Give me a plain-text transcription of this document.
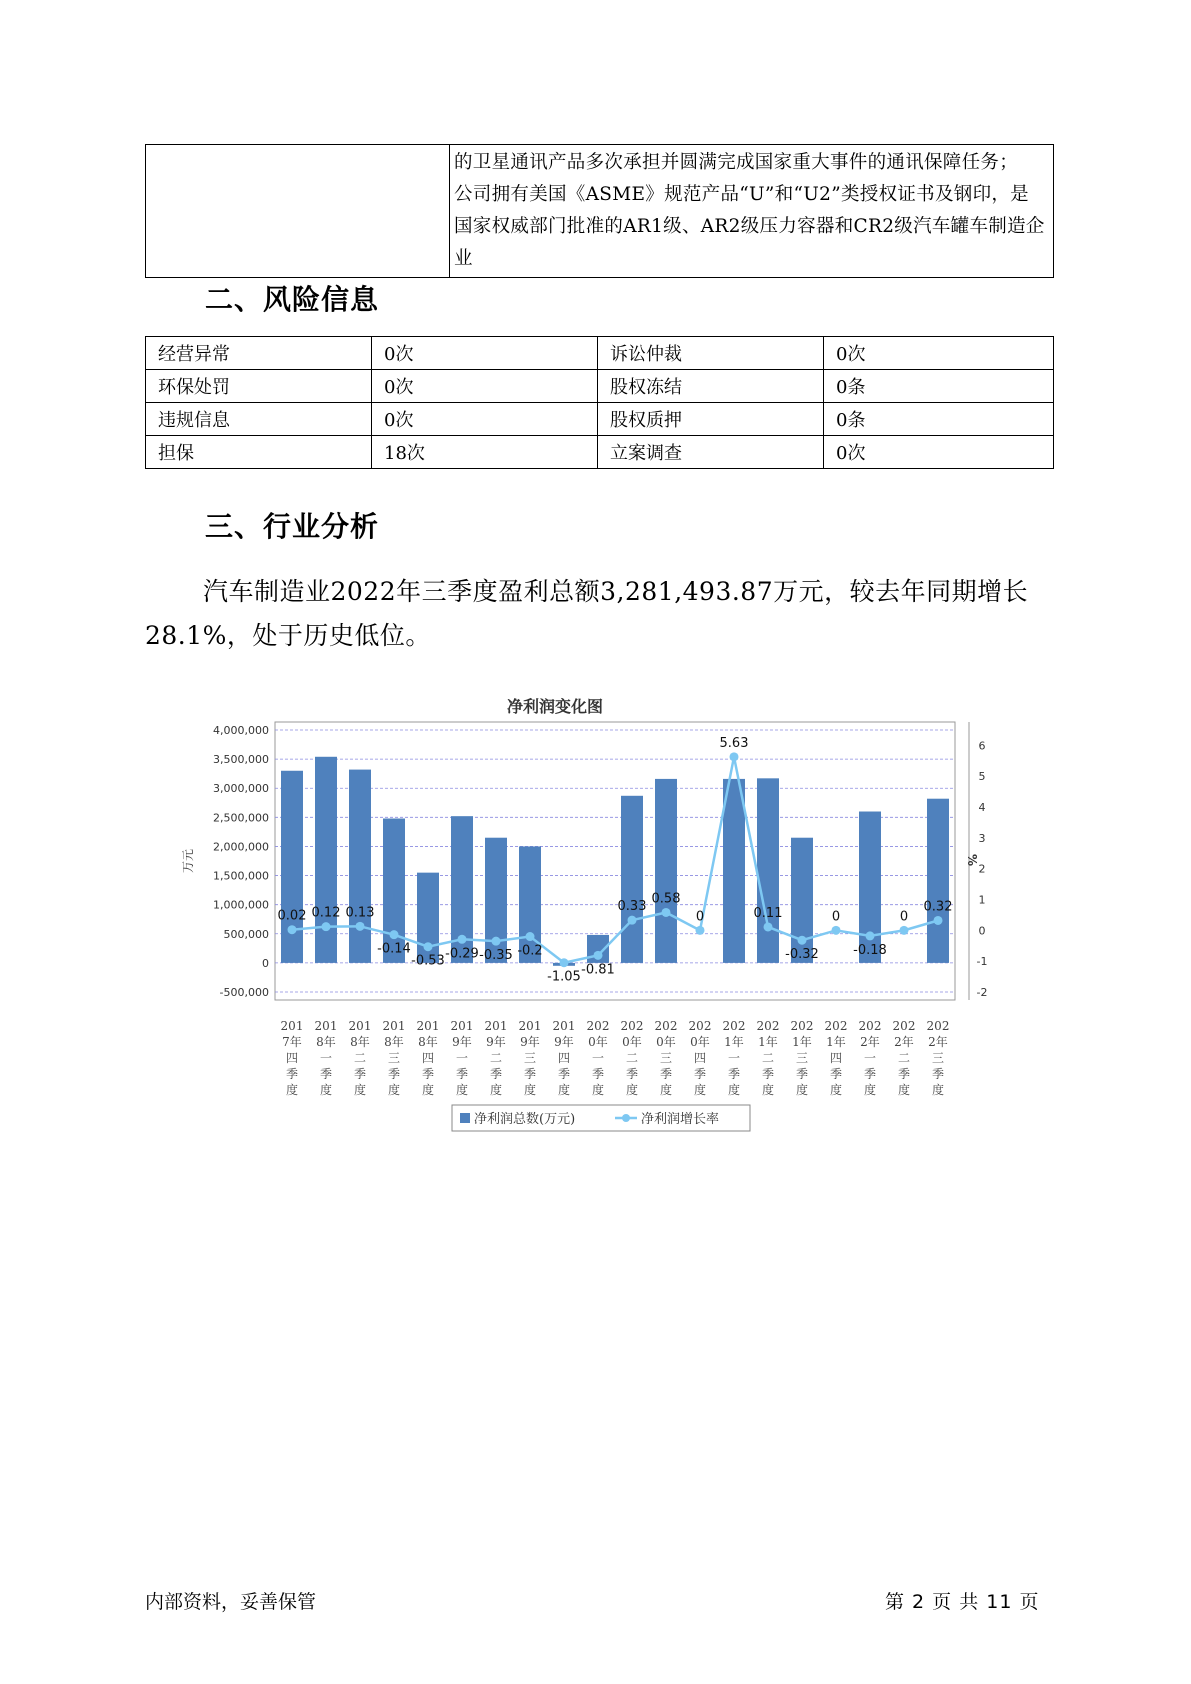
的卫星通讯产品多次承担并圆满完成国家重大事件的通讯保障任务；
公司拥有美国《ASME》规范产品“U”和“U2”类授权证书及钢印，是
国家权威部门批准的AR1级、AR2级压力容器和CR2级汽车罐车制造企业
二、风险信息
经营异常	0次	诉讼仲裁	0次
环保处罚	0次	股权冻结	0条
违规信息	0次	股权质押	0条
担保	18次	立案调查	0次
三、行业分析

汽车制造业2022年三季度盈利总额3,281,493.87万元，较去年同期增长28.1%，处于历史低位。

净利润变化图
4,000,000
3,500,000
3,000,000
2,500,000
2,000,000
1,500,000
1,000,000
500,000
0
-500,000
6
5
4
3
2
1
0
-1
-2
万元	%
0.02 0.12 0.13
-0.14
-0.53 -0.29 -0.35 -0.2
-1.05 -0.81
0.33
0.58
0
5.63
0.11
-0.32
0
-0.18
0
0.32
201
7年
四
季
度
201
8年
一
季
度
201
8年
二
季
度
201
8年
三
季
度
201
8年
四
季
度
201
9年
一
季
度
201
9年
二
季
度
201
9年
三
季
度
201
9年
四
季
度
202
0年
一
季
度
202
0年
二
季
度
202
0年
三
季
度
202
0年
四
季
度
202
1年
一
季
度
202
1年
二
季
度
202
1年
三
季
度
202
1年
四
季
度
202
2年
一
季
度
202
2年
二
季
度
202
2年
三
季
度
净利润总数(万元)	净利润增长率
内部资料，妥善保管	第 2 页 共 11 页
